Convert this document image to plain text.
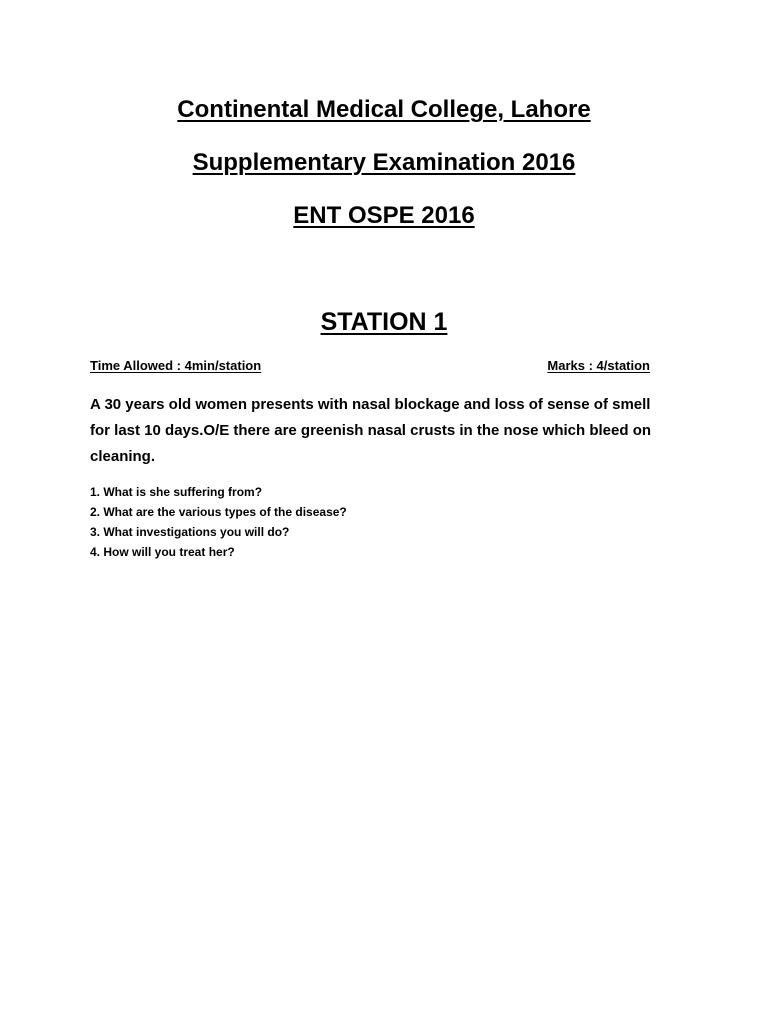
Continental Medical College, Lahore
Supplementary Examination 2016
ENT OSPE 2016
STATION 1
Time Allowed : 4min/station	Marks : 4/station

A 30 years old women presents with nasal blockage and loss of sense of smell for last 10 days.O/E there are greenish nasal crusts in the nose which bleed on cleaning.

1. What is she suffering from?
2. What are the various types of the disease?
3. What investigations you will do?
4. How will you treat her?
